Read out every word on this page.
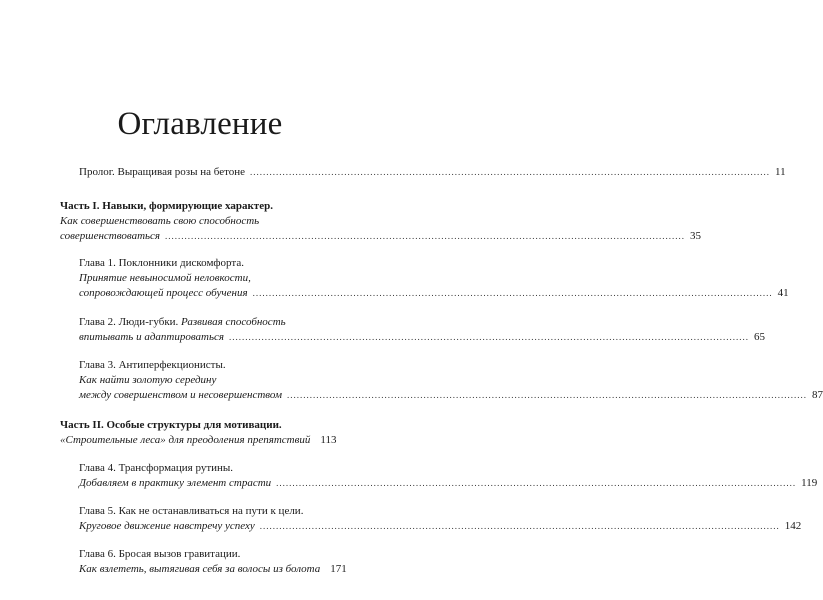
Оглавление
Пролог. Выращивая розы на бетоне ................................................................................................................................................................ 11
Часть I. Навыки, формирующие характер.
Как совершенствовать свою способность
совершенствоваться ................................................................................................................................................................ 35
Глава 1. Поклонники дискомфорта.
Принятие невыносимой неловкости,
сопровождающей процесс обучения ................................................................................................................................................................ 41
Глава 2. Люди-губки. Развивая способность
впитывать и адаптироваться ................................................................................................................................................................ 65
Глава 3. Антиперфекционисты.
Как найти золотую середину
между совершенством и несовершенством ................................................................................................................................................................ 87
Часть II. Особые структуры для мотивации.
«Строительные леса» для преодоления препятствий 113
Глава 4. Трансформация рутины.
Добавляем в практику элемент страсти ................................................................................................................................................................ 119
Глава 5. Как не останавливаться на пути к цели.
Круговое движение навстречу успеху ................................................................................................................................................................ 142
Глава 6. Бросая вызов гравитации.
Как взлететь, вытягивая себя за волосы из болота 171
